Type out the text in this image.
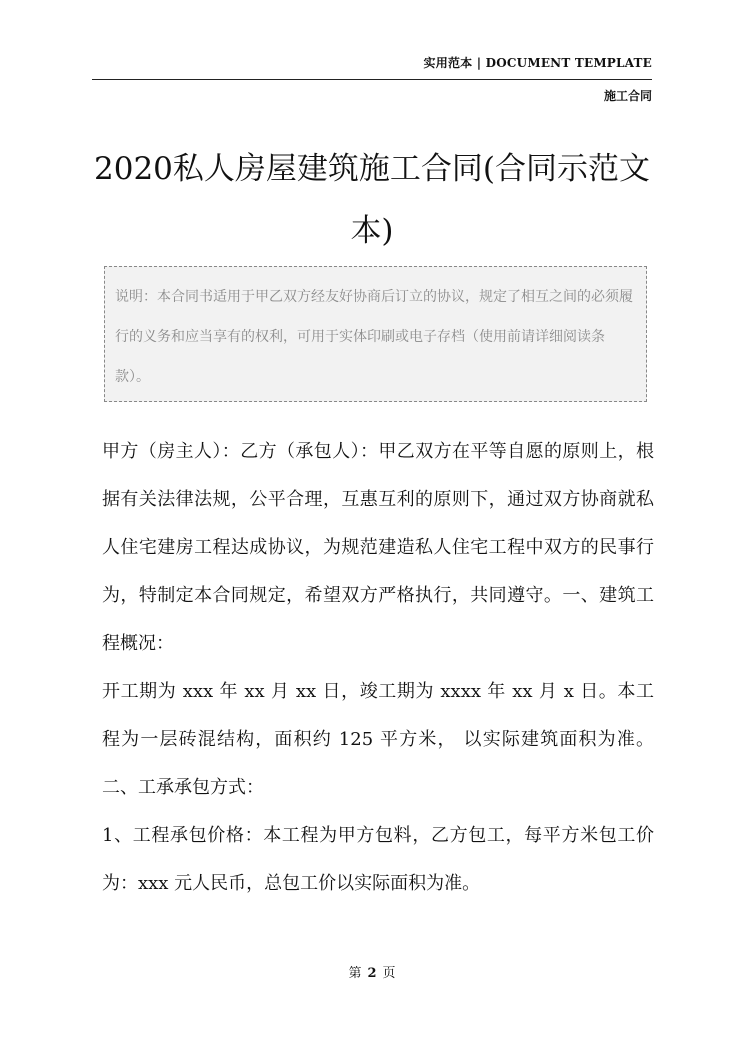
实用范本 | DOCUMENT TEMPLATE
施工合同
2020私人房屋建筑施工合同(合同示范文本)

说明：本合同书适用于甲乙双方经友好协商后订立的协议，规定了相互之间的必须履行的义务和应当享有的权利，可用于实体印刷或电子存档（使用前请详细阅读条款）。

甲方（房主人）：乙方（承包人）：甲乙双方在平等自愿的原则上，根据有关法律法规，公平合理，互惠互利的原则下，通过双方协商就私人住宅建房工程达成协议，为规范建造私人住宅工程中双方的民事行为，特制定本合同规定，希望双方严格执行，共同遵守。一、建筑工程概况：

开工期为 xxx 年 xx 月 xx 日，竣工期为 xxxx 年 xx 月 x 日。本工程为一层砖混结构，面积约 125 平方米， 以实际建筑面积为准。二、工承承包方式：

1、工程承包价格：本工程为甲方包料，乙方包工，每平方米包工价为：xxx 元人民币，总包工价以实际面积为准。

第 2 页
